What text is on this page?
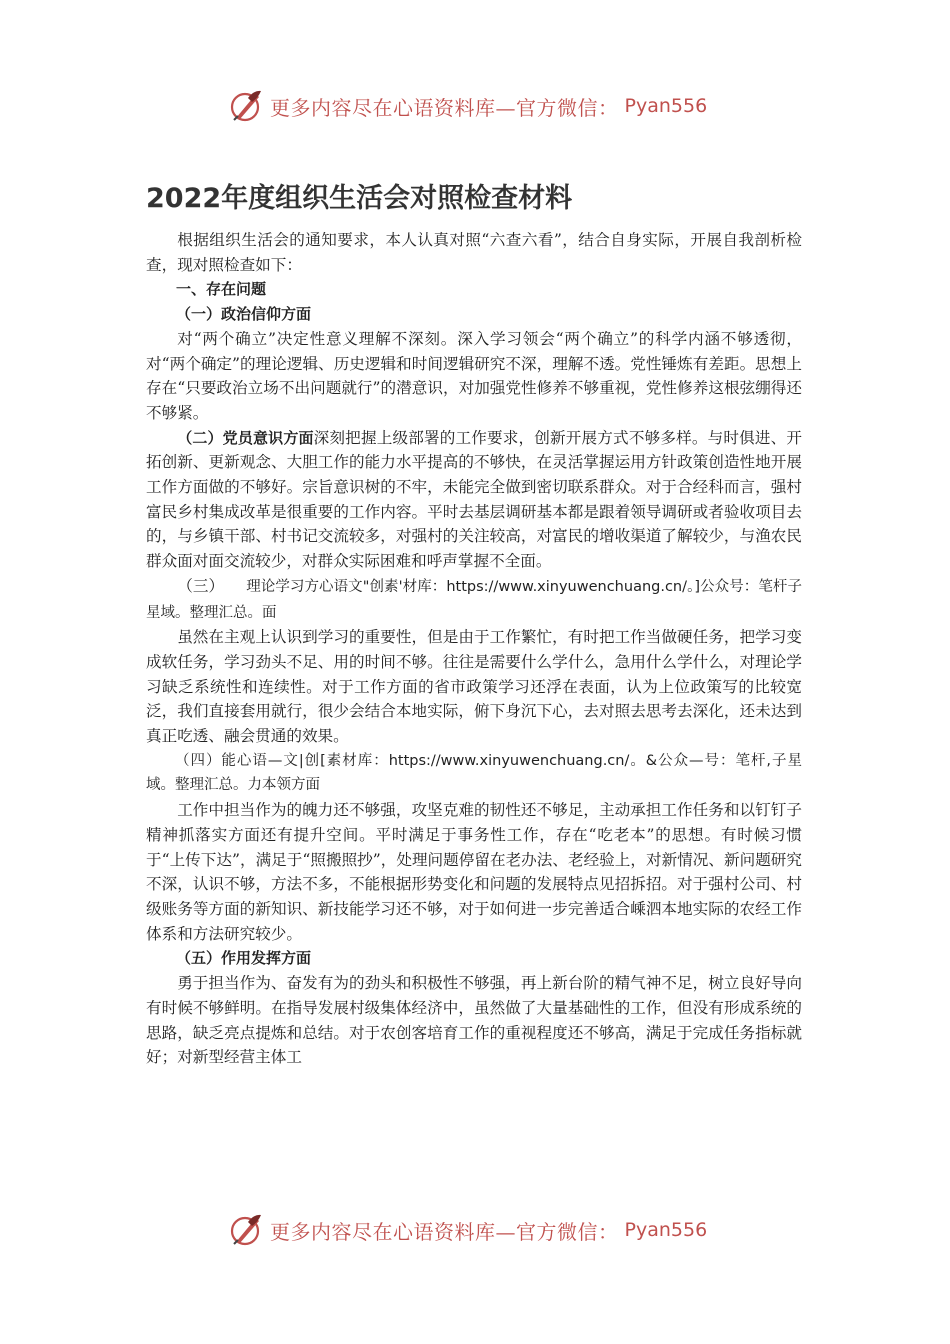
更多内容尽在心语资料库—官方微信： Pyan556
2022年度组织生活会对照检查材料

根据组织生活会的通知要求，本人认真对照“六查六看”，结合自身实际，开展自我剖析检查，现对照检查如下：

一、存在问题

（一）政治信仰方面

对“两个确立”决定性意义理解不深刻。深入学习领会“两个确立”的科学内涵不够透彻，对“两个确定”的理论逻辑、历史逻辑和时间逻辑研究不深，理解不透。党性锤炼有差距。思想上存在“只要政治立场不出问题就行”的潜意识，对加强党性修养不够重视，党性修养这根弦绷得还不够紧。

（二）党员意识方面深刻把握上级部署的工作要求，创新开展方式不够多样。与时俱进、开拓创新、更新观念、大胆工作的能力水平提高的不够快，在灵活掌握运用方针政策创造性地开展工作方面做的不够好。宗旨意识树的不牢，未能完全做到密切联系群众。对于合经科而言，强村富民乡村集成改革是很重要的工作内容。平时去基层调研基本都是跟着领导调研或者验收项目去的，与乡镇干部、村书记交流较多，对强村的关注较高，对富民的增收渠道了解较少，与渔农民群众面对面交流较少，对群众实际困难和呼声掌握不全面。

（三） 理论学习方心语文"创素'材库：https://www.xinyuwenchuang.cn/。]公众号：笔杆子星域。整理汇总。面

虽然在主观上认识到学习的重要性，但是由于工作繁忙，有时把工作当做硬任务，把学习变成软任务，学习劲头不足、用的时间不够。往往是需要什么学什么，急用什么学什么，对理论学习缺乏系统性和连续性。对于工作方面的省市政策学习还浮在表面，认为上位政策写的比较宽泛，我们直接套用就行，很少会结合本地实际，俯下身沉下心，去对照去思考去深化，还未达到真正吃透、融会贯通的效果。

（四）能心语—文|创[素材库：https://www.xinyuwenchuang.cn/。&公众—号：笔杆,子星域。整理汇总。力本领方面

工作中担当作为的魄力还不够强，攻坚克难的韧性还不够足，主动承担工作任务和以钉钉子精神抓落实方面还有提升空间。平时满足于事务性工作，存在“吃老本”的思想。有时候习惯于“上传下达”，满足于“照搬照抄”，处理问题停留在老办法、老经验上，对新情况、新问题研究不深，认识不够，方法不多，不能根据形势变化和问题的发展特点见招拆招。对于强村公司、村级账务等方面的新知识、新技能学习还不够，对于如何进一步完善适合嵊泗本地实际的农经工作体系和方法研究较少。

（五）作用发挥方面

勇于担当作为、奋发有为的劲头和积极性不够强，再上新台阶的精气神不足，树立良好导向有时候不够鲜明。在指导发展村级集体经济中，虽然做了大量基础性的工作，但没有形成系统的思路，缺乏亮点提炼和总结。对于农创客培育工作的重视程度还不够高，满足于完成任务指标就好；对新型经营主体工

更多内容尽在心语资料库—官方微信： Pyan556
